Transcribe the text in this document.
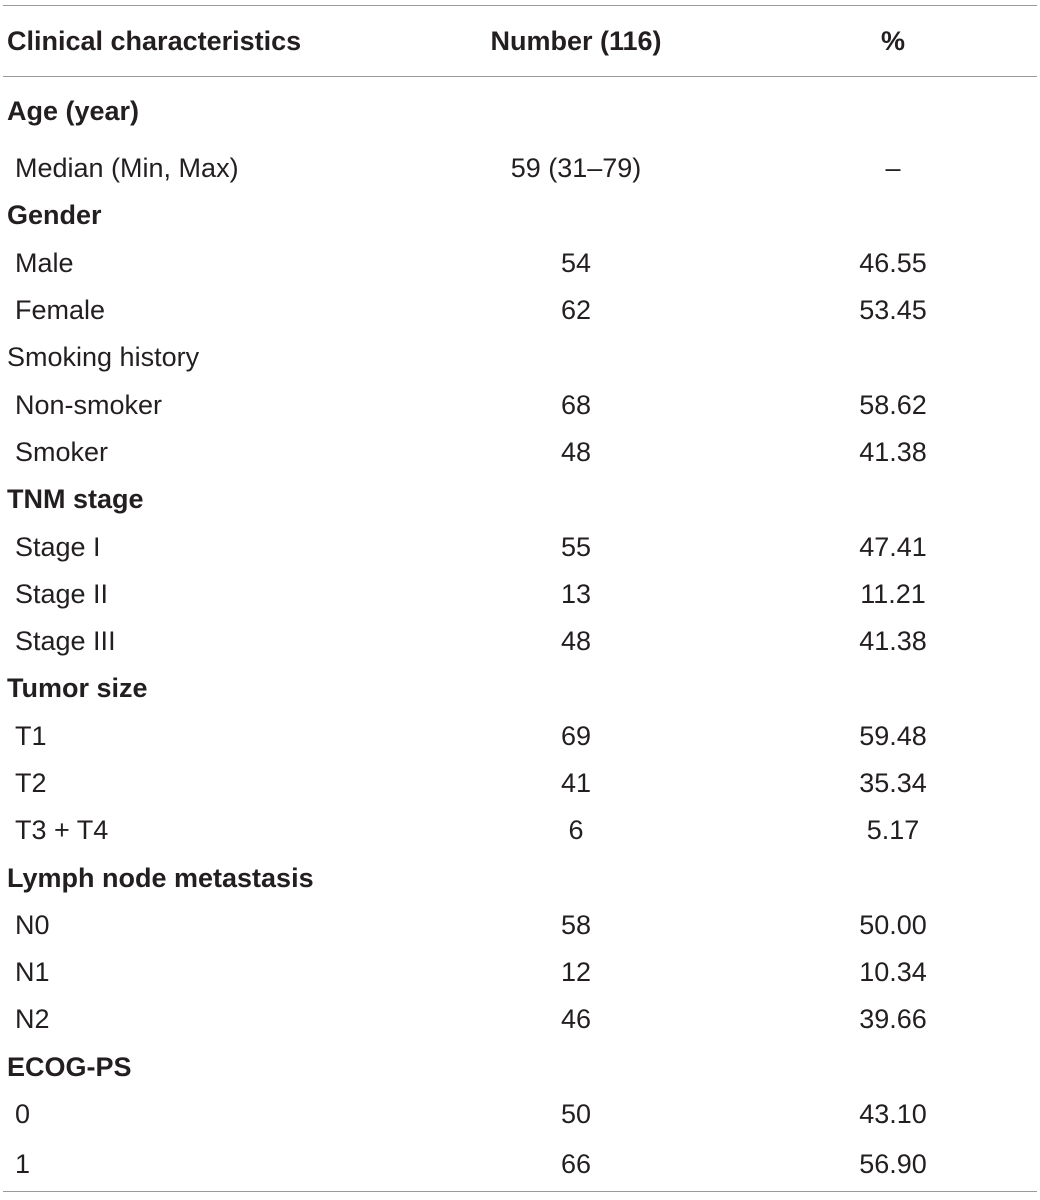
Clinical characteristics	Number (116)	%
Age (year)		
Median (Min, Max)	59 (31–79)	–
Gender		
Male	54	46.55
Female	62	53.45
Smoking history		
Non-smoker	68	58.62
Smoker	48	41.38
TNM stage		
Stage I	55	47.41
Stage II	13	11.21
Stage III	48	41.38
Tumor size		
T1	69	59.48
T2	41	35.34
T3 + T4	6	5.17
Lymph node metastasis		
N0	58	50.00
N1	12	10.34
N2	46	39.66
ECOG-PS		
0	50	43.10
1	66	56.90
